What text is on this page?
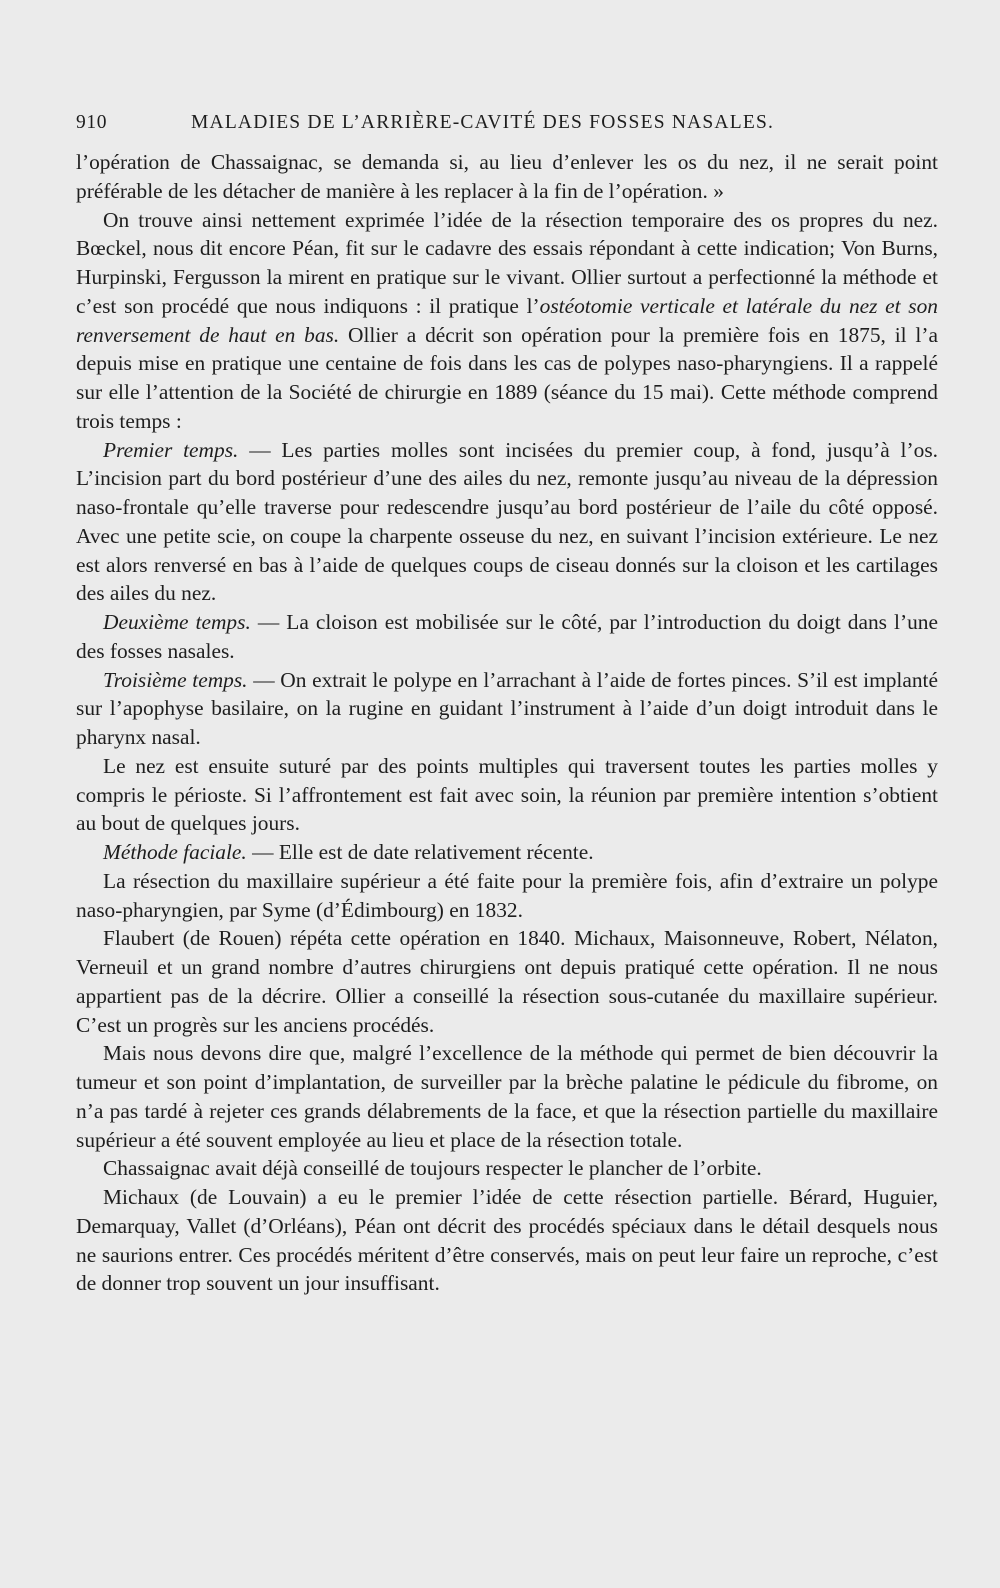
910	MALADIES DE L’ARRIÈRE-CAVITÉ DES FOSSES NASALES.

l’opération de Chassaignac, se demanda si, au lieu d’enlever les os du nez, il ne serait point préférable de les détacher de manière à les replacer à la fin de l’opération. »

On trouve ainsi nettement exprimée l’idée de la résection temporaire des os propres du nez. Bœckel, nous dit encore Péan, fit sur le cadavre des essais répondant à cette indication; Von Burns, Hurpinski, Fergusson la mirent en pratique sur le vivant. Ollier surtout a perfectionné la méthode et c’est son procédé que nous indiquons : il pratique l’ostéotomie verticale et latérale du nez et son renversement de haut en bas. Ollier a décrit son opération pour la première fois en 1875, il l’a depuis mise en pratique une centaine de fois dans les cas de polypes naso-pharyngiens. Il a rappelé sur elle l’attention de la Société de chirurgie en 1889 (séance du 15 mai). Cette méthode comprend trois temps :

Premier temps. — Les parties molles sont incisées du premier coup, à fond, jusqu’à l’os. L’incision part du bord postérieur d’une des ailes du nez, remonte jusqu’au niveau de la dépression naso-frontale qu’elle traverse pour redescendre jusqu’au bord postérieur de l’aile du côté opposé. Avec une petite scie, on coupe la charpente osseuse du nez, en suivant l’incision extérieure. Le nez est alors renversé en bas à l’aide de quelques coups de ciseau donnés sur la cloison et les cartilages des ailes du nez.

Deuxième temps. — La cloison est mobilisée sur le côté, par l’introduction du doigt dans l’une des fosses nasales.

Troisième temps. — On extrait le polype en l’arrachant à l’aide de fortes pinces. S’il est implanté sur l’apophyse basilaire, on la rugine en guidant l’instrument à l’aide d’un doigt introduit dans le pharynx nasal.

Le nez est ensuite suturé par des points multiples qui traversent toutes les parties molles y compris le périoste. Si l’affrontement est fait avec soin, la réunion par première intention s’obtient au bout de quelques jours.

Méthode faciale. — Elle est de date relativement récente.

La résection du maxillaire supérieur a été faite pour la première fois, afin d’extraire un polype naso-pharyngien, par Syme (d’Édimbourg) en 1832.

Flaubert (de Rouen) répéta cette opération en 1840. Michaux, Maisonneuve, Robert, Nélaton, Verneuil et un grand nombre d’autres chirurgiens ont depuis pratiqué cette opération. Il ne nous appartient pas de la décrire. Ollier a conseillé la résection sous-cutanée du maxillaire supérieur. C’est un progrès sur les anciens procédés.

Mais nous devons dire que, malgré l’excellence de la méthode qui permet de bien découvrir la tumeur et son point d’implantation, de surveiller par la brèche palatine le pédicule du fibrome, on n’a pas tardé à rejeter ces grands délabrements de la face, et que la résection partielle du maxillaire supérieur a été souvent employée au lieu et place de la résection totale.

Chassaignac avait déjà conseillé de toujours respecter le plancher de l’orbite.

Michaux (de Louvain) a eu le premier l’idée de cette résection partielle. Bérard, Huguier, Demarquay, Vallet (d’Orléans), Péan ont décrit des procédés spéciaux dans le détail desquels nous ne saurions entrer. Ces procédés méritent d’être conservés, mais on peut leur faire un reproche, c’est de donner trop souvent un jour insuffisant.
